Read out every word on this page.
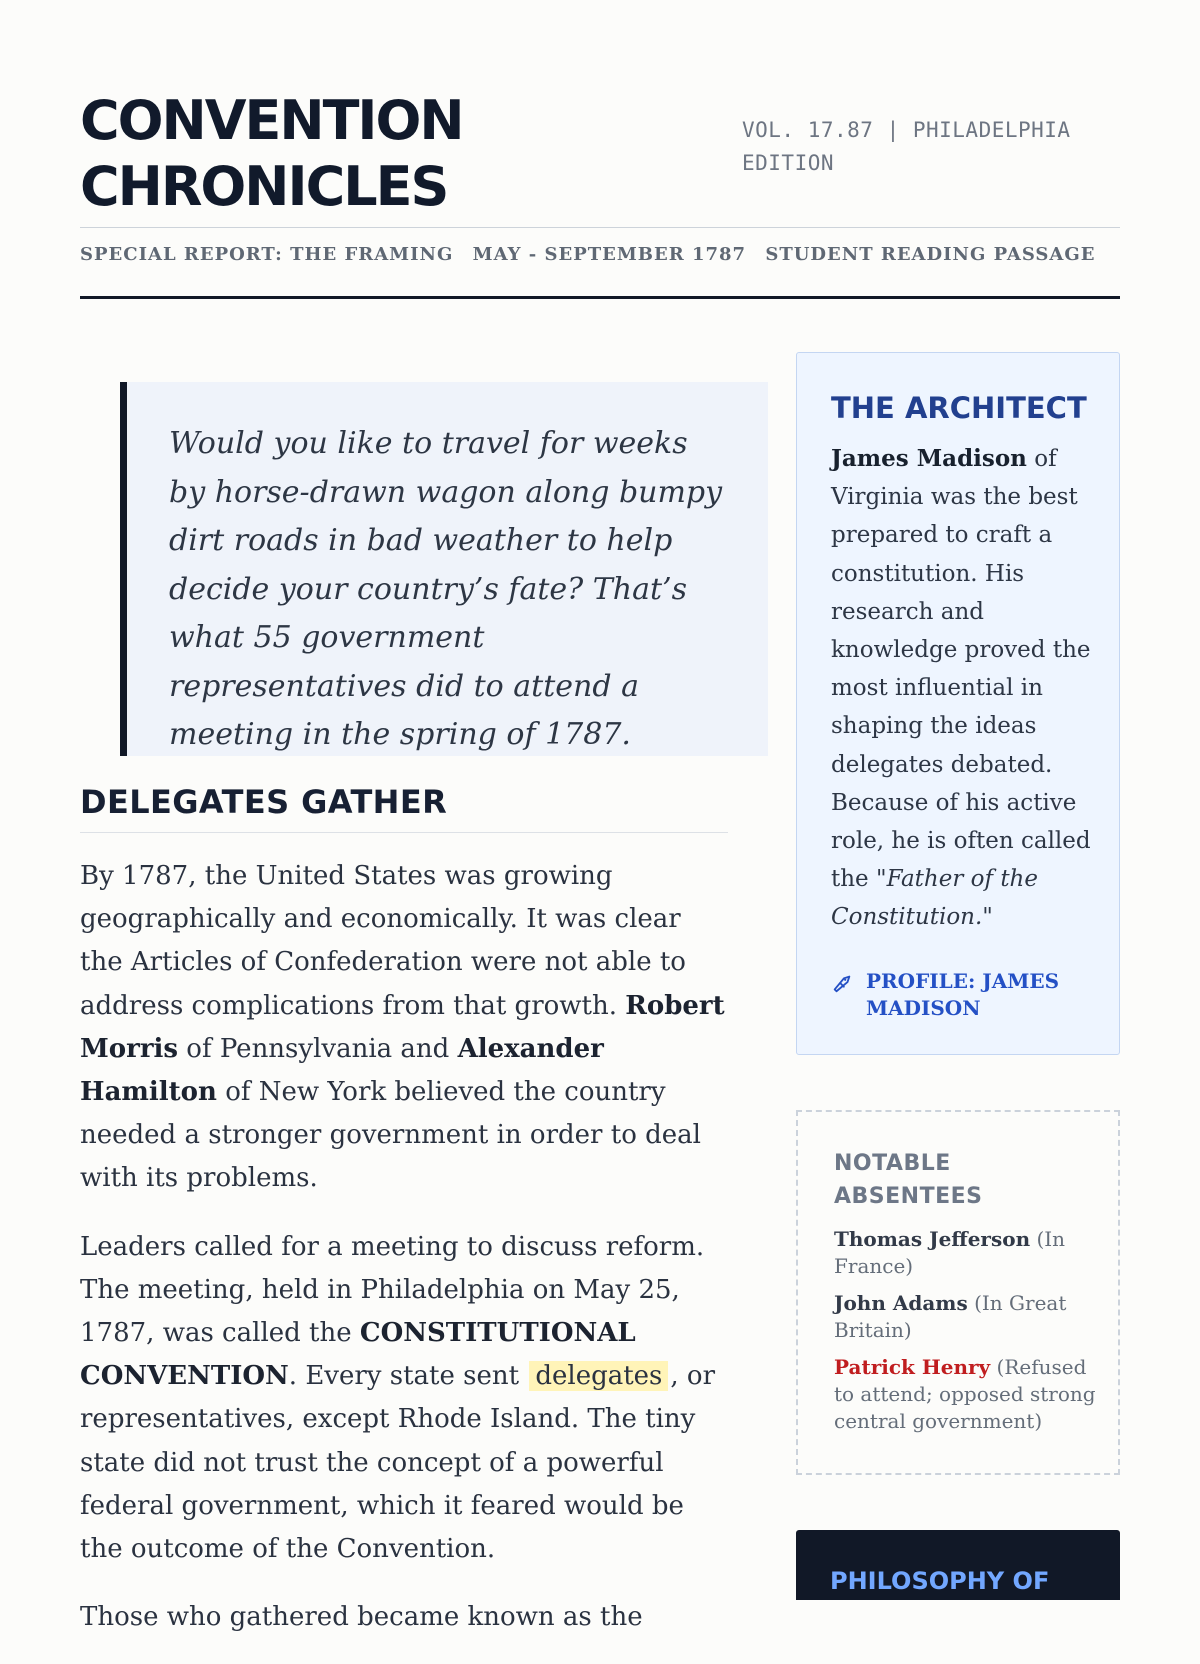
CONVENTION
CHRONICLES
VOL. 17.87 | PHILADELPHIA EDITION
SPECIAL REPORT: THE FRAMING MAY - SEPTEMBER 1787 STUDENT READING PASSAGE
Would you like to travel for weeks by horse-drawn wagon along bumpy dirt roads in bad weather to help decide your country’s fate? That’s what 55 government representatives did to attend a meeting in the spring of 1787.
DELEGATES GATHER

By 1787, the United States was growing geographically and economically. It was clear the Articles of Confederation were not able to address complications from that growth. Robert Morris of Pennsylvania and Alexander Hamilton of New York believed the country needed a stronger government in order to deal with its problems.

Leaders called for a meeting to discuss reform. The meeting, held in Philadelphia on May 25, 1787, was called the CONSTITUTIONAL CONVENTION. Every state sent delegates , or representatives, except Rhode Island. The tiny state did not trust the concept of a powerful federal government, which it feared would be the outcome of the Convention.

Those who gathered became known as the

THE ARCHITECT
James Madison of Virginia was the best prepared to craft a constitution. His research and knowledge proved the most influential in shaping the ideas delegates debated. Because of his active role, he is often called the "Father of the Constitution."
PROFILE: JAMES MADISON
NOTABLE ABSENTEES
Thomas Jefferson (In France)
John Adams (In Great Britain)
Patrick Henry (Refused to attend; opposed strong central government)
PHILOSOPHY OF
